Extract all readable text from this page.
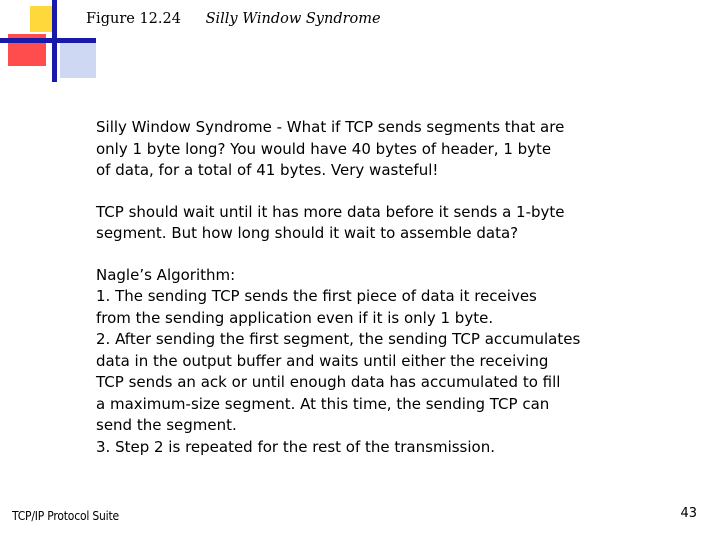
Figure 12.24 Silly Window Syndrome

Silly Window Syndrome - What if TCP sends segments that are
only 1 byte long? You would have 40 bytes of header, 1 byte
of data, for a total of 41 bytes. Very wasteful!

TCP should wait until it has more data before it sends a 1-byte
segment. But how long should it wait to assemble data?

Nagle’s Algorithm:
1. The sending TCP sends the first piece of data it receives
from the sending application even if it is only 1 byte.
2. After sending the first segment, the sending TCP accumulates
data in the output buffer and waits until either the receiving
TCP sends an ack or until enough data has accumulated to fill
a maximum-size segment. At this time, the sending TCP can
send the segment.
3. Step 2 is repeated for the rest of the transmission.

TCP/IP Protocol Suite	43
